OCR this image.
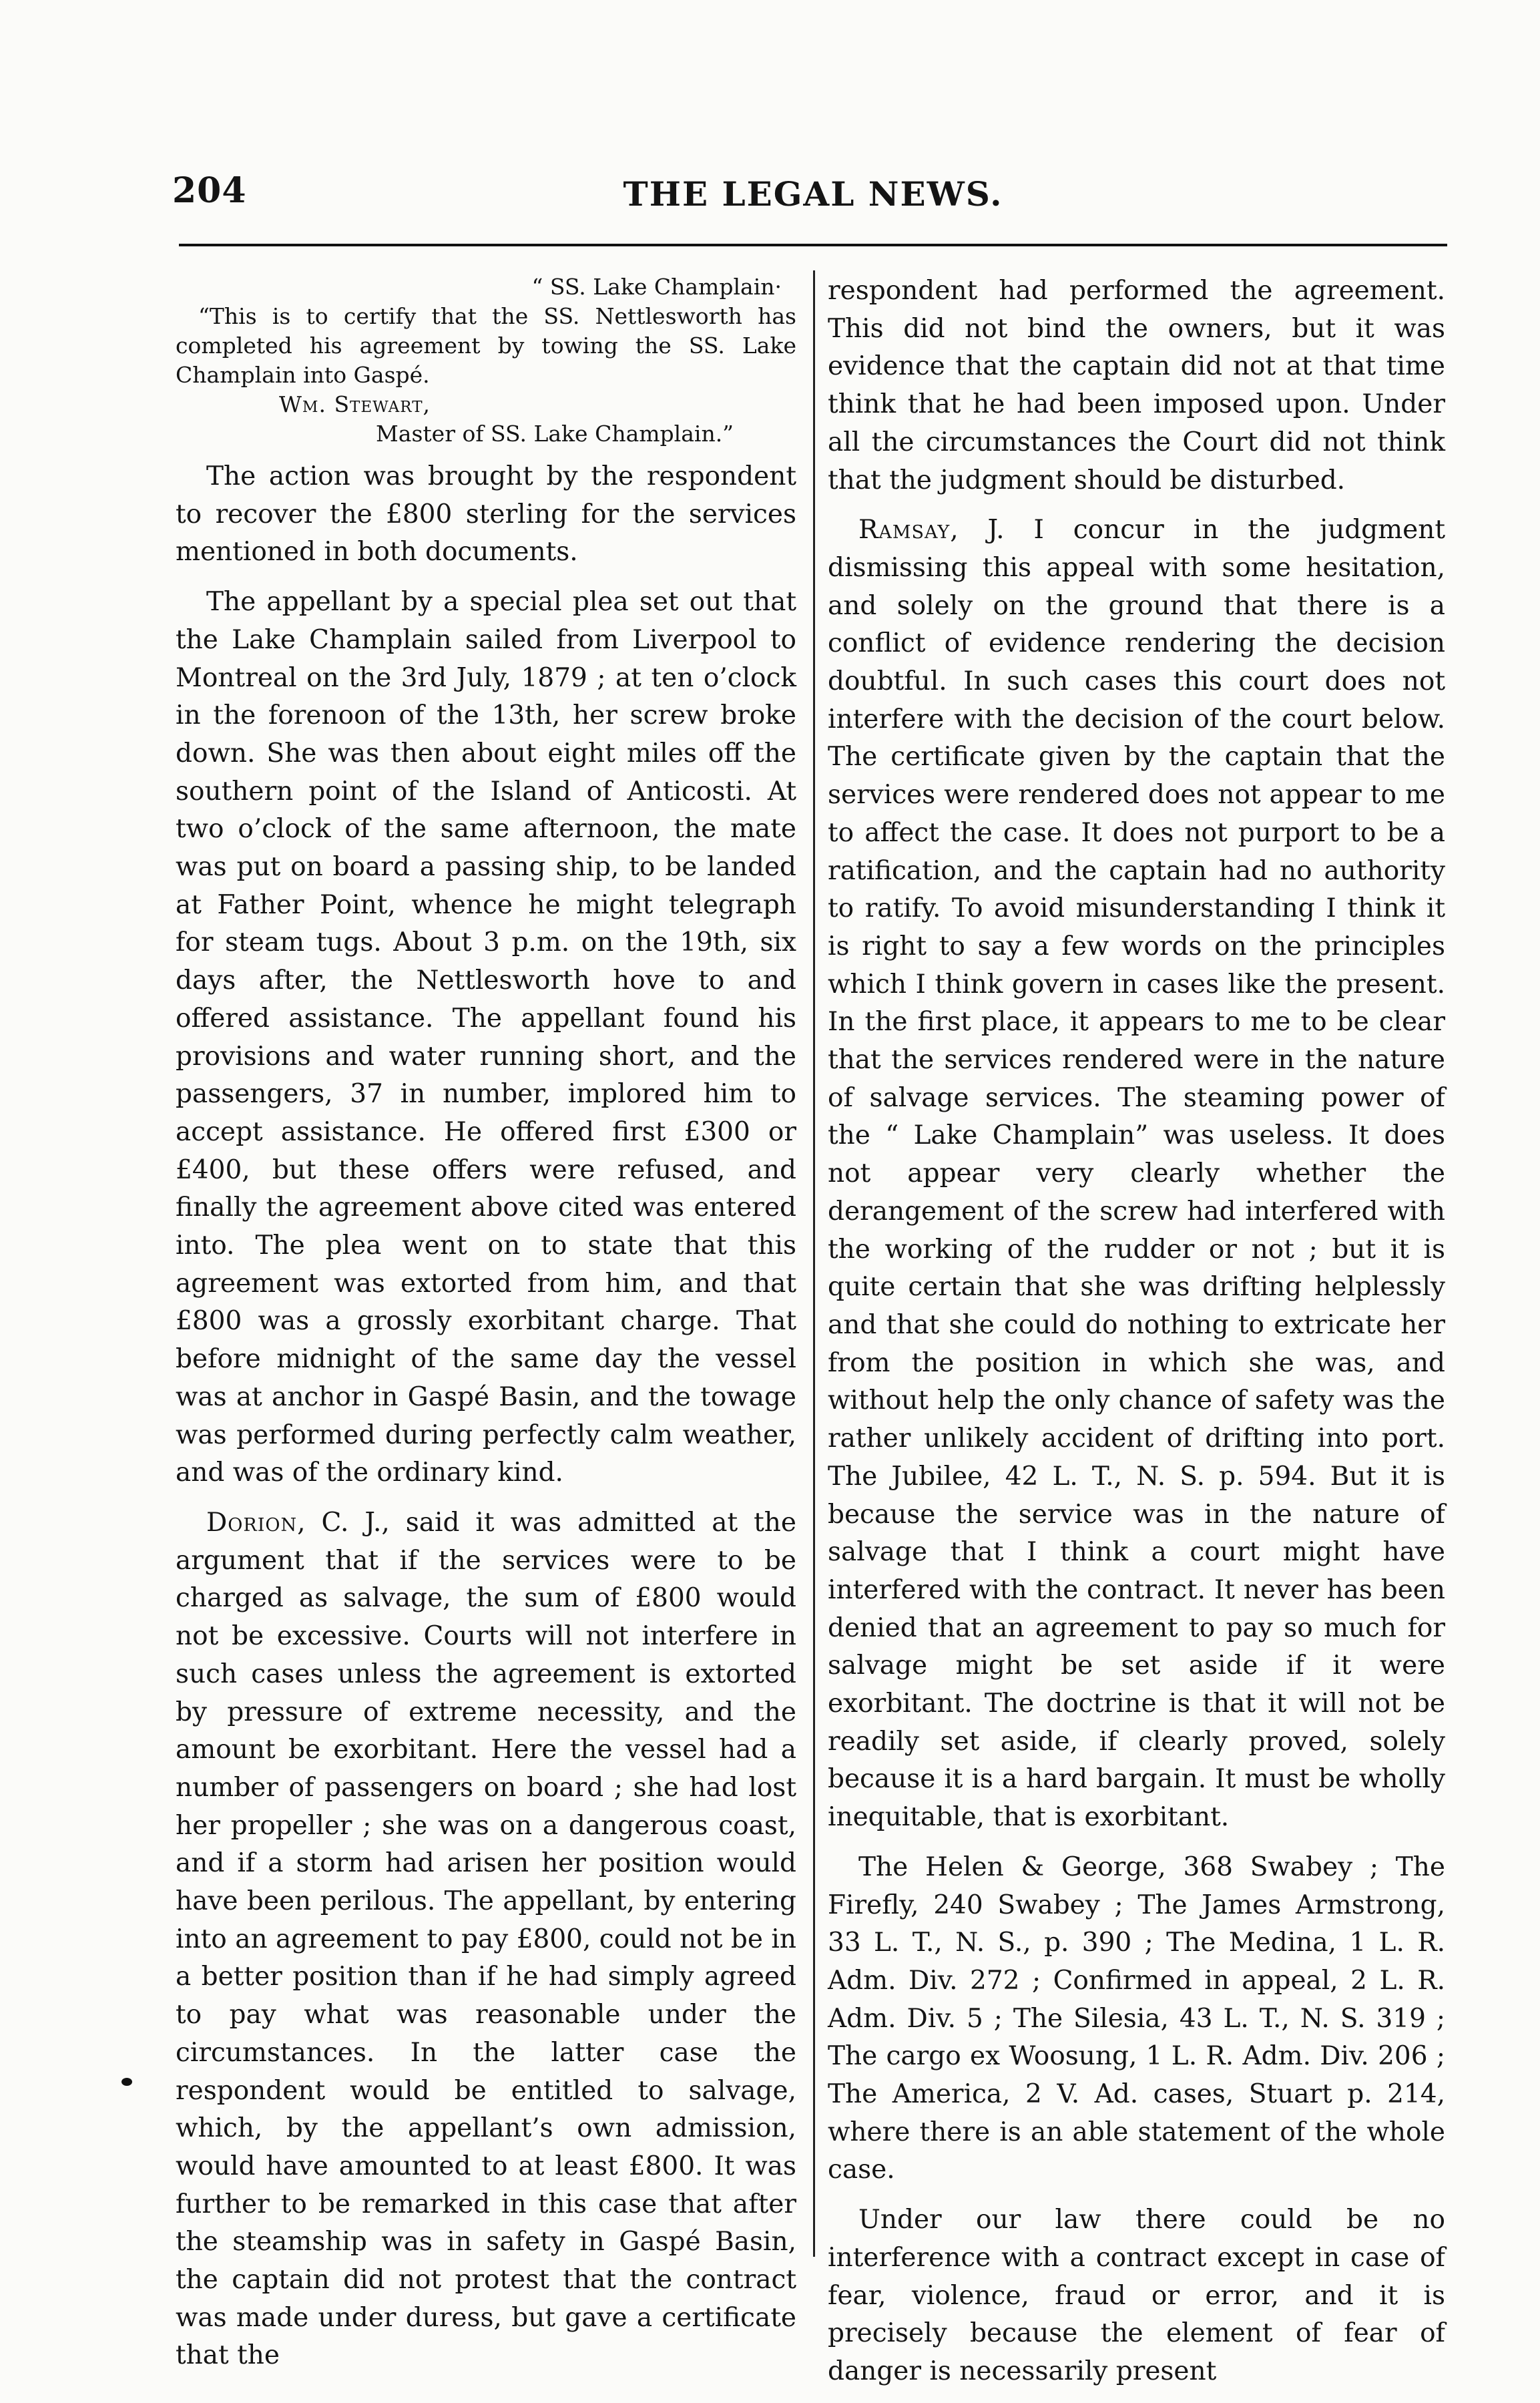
204	THE LEGAL NEWS.
“ SS. Lake Champlain·
“This is to certify that the SS. Nettlesworth has completed his agreement by towing the SS. Lake Champlain into Gaspé.
Wm. Stewart,
Master of SS. Lake Champlain.”

The action was brought by the respondent to recover the £800 sterling for the services mentioned in both documents.

The appellant by a special plea set out that the Lake Champlain sailed from Liverpool to Montreal on the 3rd July, 1879 ; at ten o’clock in the forenoon of the 13th, her screw broke down. She was then about eight miles off the southern point of the Island of Anticosti. At two o’clock of the same afternoon, the mate was put on board a passing ship, to be landed at Father Point, whence he might telegraph for steam tugs. About 3 p.m. on the 19th, six days after, the Nettlesworth hove to and offered assistance. The appellant found his provisions and water running short, and the passengers, 37 in number, implored him to accept assistance. He offered first £300 or £400, but these offers were refused, and finally the agreement above cited was entered into. The plea went on to state that this agreement was extorted from him, and that £800 was a grossly exorbitant charge. That before midnight of the same day the vessel was at anchor in Gaspé Basin, and the towage was performed during perfectly calm weather, and was of the ordinary kind.

Dorion, C. J., said it was admitted at the argument that if the services were to be charged as salvage, the sum of £800 would not be excessive. Courts will not interfere in such cases unless the agreement is extorted by pressure of extreme necessity, and the amount be exorbitant. Here the vessel had a number of passengers on board ; she had lost her propeller ; she was on a dangerous coast, and if a storm had arisen her position would have been perilous. The appellant, by entering into an agreement to pay £800, could not be in a better position than if he had simply agreed to pay what was reasonable under the circumstances. In the latter case the respondent would be entitled to salvage, which, by the appellant’s own admission, would have amounted to at least £800. It was further to be remarked in this case that after the steamship was in safety in Gaspé Basin, the captain did not protest that the contract was made under duress, but gave a certificate that the

respondent had performed the agreement. This did not bind the owners, but it was evidence that the captain did not at that time think that he had been imposed upon. Under all the circumstances the Court did not think that the judgment should be disturbed.

Ramsay, J. I concur in the judgment dismissing this appeal with some hesitation, and solely on the ground that there is a conflict of evidence rendering the decision doubtful. In such cases this court does not interfere with the decision of the court below. The certificate given by the captain that the services were rendered does not appear to me to affect the case. It does not purport to be a ratification, and the captain had no authority to ratify. To avoid misunderstanding I think it is right to say a few words on the principles which I think govern in cases like the present. In the first place, it appears to me to be clear that the services rendered were in the nature of salvage services. The steaming power of the “ Lake Champlain” was useless. It does not appear very clearly whether the derangement of the screw had interfered with the working of the rudder or not ; but it is quite certain that she was drifting helplessly and that she could do nothing to extricate her from the position in which she was, and without help the only chance of safety was the rather unlikely accident of drifting into port. The Jubilee, 42 L. T., N. S. p. 594. But it is because the service was in the nature of salvage that I think a court might have interfered with the contract. It never has been denied that an agreement to pay so much for salvage might be set aside if it were exorbitant. The doctrine is that it will not be readily set aside, if clearly proved, solely because it is a hard bargain. It must be wholly inequitable, that is exorbitant.

The Helen & George, 368 Swabey ; The Firefly, 240 Swabey ; The James Armstrong, 33 L. T., N. S., p. 390 ; The Medina, 1 L. R. Adm. Div. 272 ; Confirmed in appeal, 2 L. R. Adm. Div. 5 ; The Silesia, 43 L. T., N. S. 319 ; The cargo ex Woosung, 1 L. R. Adm. Div. 206 ; The America, 2 V. Ad. cases, Stuart p. 214, where there is an able statement of the whole case.

Under our law there could be no interference with a contract except in case of fear, violence, fraud or error, and it is precisely because the element of fear of danger is necessarily present
